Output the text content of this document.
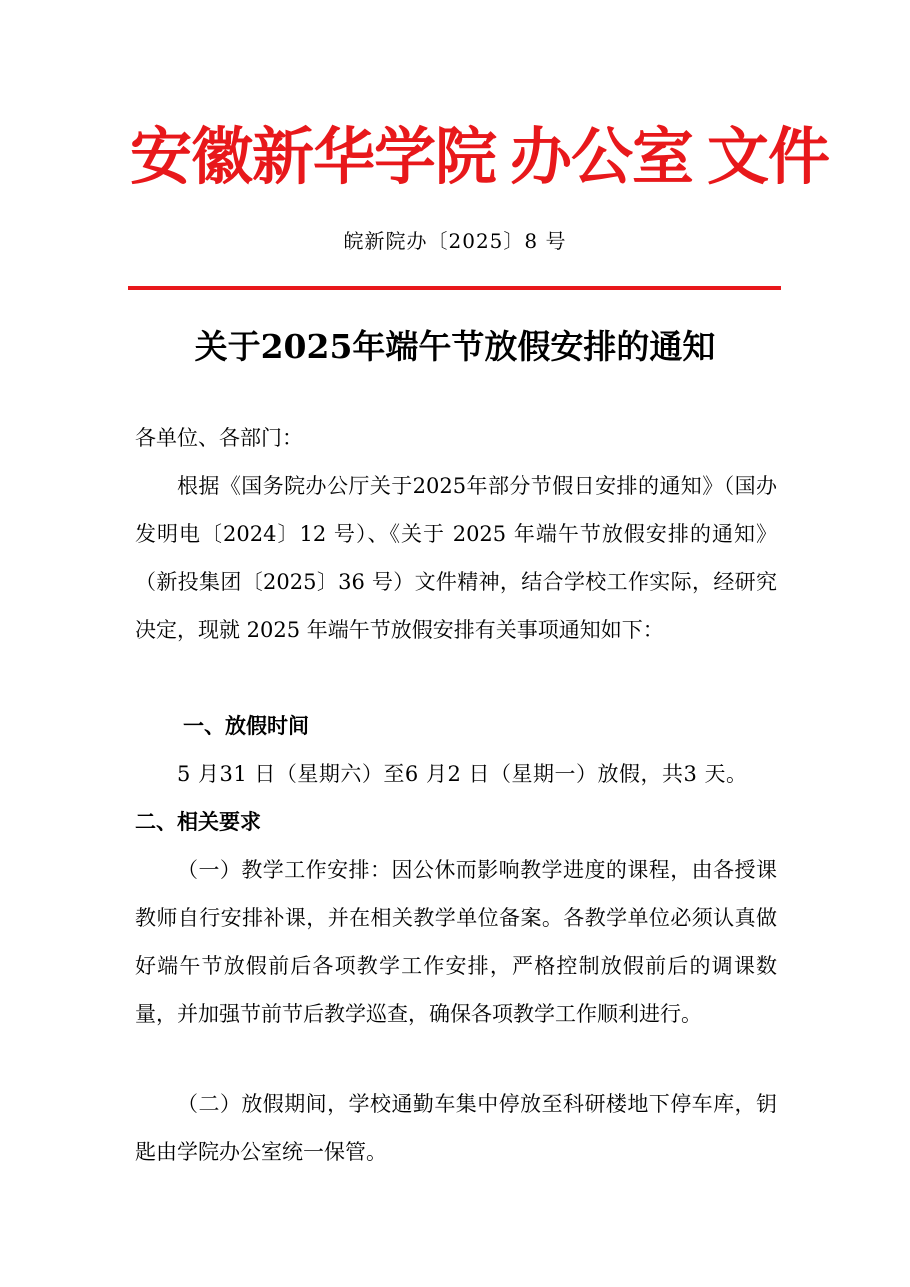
安徽新华学院 办公室 文件
皖新院办〔2025〕8 号
关于2025年端午节放假安排的通知
各单位、各部门：
根据《国务院办公厅关于2025年部分节假日安排的通知》（国办发明电〔2024〕12 号）、《关于 2025 年端午节放假安排的通知》（新投集团〔2025〕36 号）文件精神，结合学校工作实际，经研究决定，现就 2025 年端午节放假安排有关事项通知如下：
一、放假时间
5 月31 日（星期六）至6 月2 日（星期一）放假，共3 天。
二、相关要求
（一）教学工作安排：因公休而影响教学进度的课程，由各授课教师自行安排补课，并在相关教学单位备案。各教学单位必须认真做好端午节放假前后各项教学工作安排，严格控制放假前后的调课数量，并加强节前节后教学巡查，确保各项教学工作顺利进行。
（二）放假期间，学校通勤车集中停放至科研楼地下停车库，钥匙由学院办公室统一保管。
